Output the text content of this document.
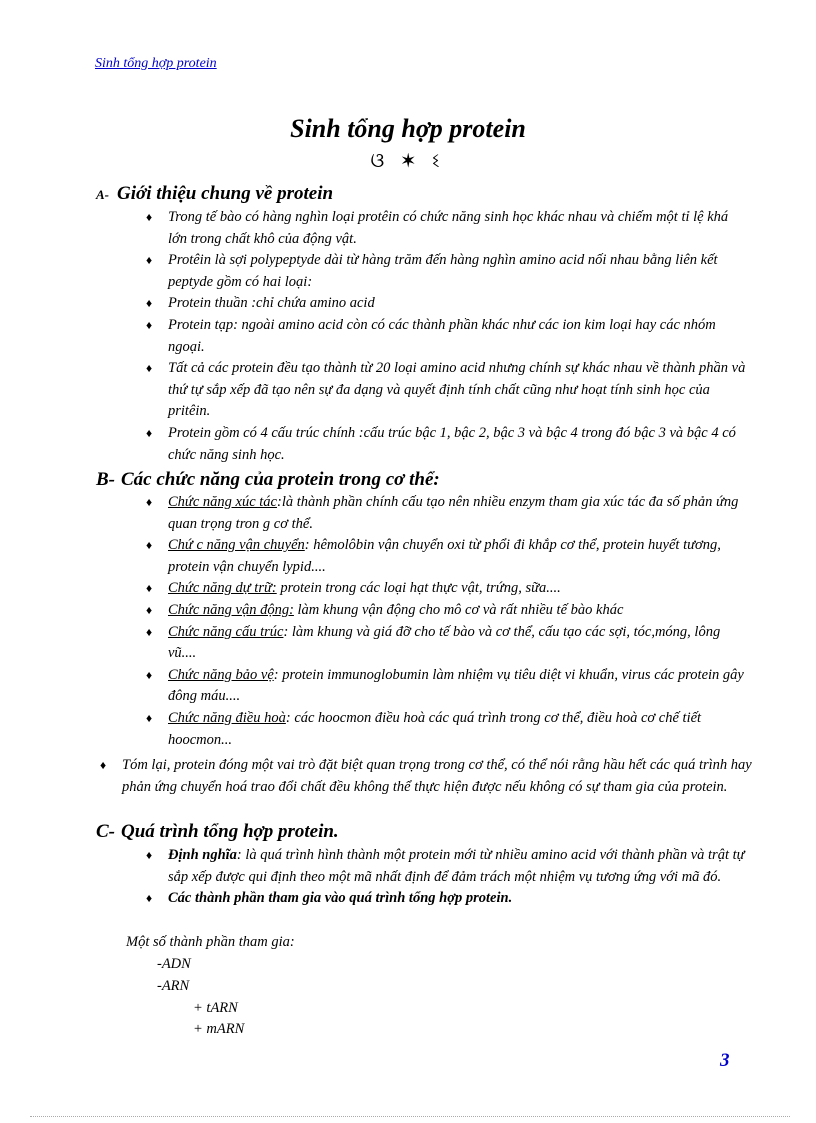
Sinh tổng hợp protein

Sinh tổng hợp protein

ଓ ✶ ଽ

A- Giới thiệu chung về protein
♦ Trong tế bào có hàng nghìn loại protêin có chức năng sinh học khác nhau và chiếm một tỉ lệ khá lớn trong chất khô của động vật.
♦ Protêin là sợi polypeptyde dài từ hàng trăm đến hàng nghìn amino acid nối nhau bằng liên kết peptyde gồm có hai loại:
♦ Protein thuần :chỉ chứa amino acid
♦ Protein tạp: ngoài amino acid còn có các thành phần khác như các ion kim loại hay các nhóm ngoại.
♦ Tất cả các protein đều tạo thành từ 20 loại amino acid nhưng chính sự khác nhau về thành phần và thứ tự sắp xếp đã tạo nên sự đa dạng và quyết định tính chất cũng như hoạt tính sinh học của pritêin.
♦ Protein gồm có 4 cấu trúc chính :cấu trúc bậc 1, bậc 2, bậc 3 và bậc 4 trong đó bậc 3 và bậc 4 có chức năng sinh học.
B- Các chức năng của protein trong cơ thể:
♦ Chức năng xúc tác:là thành phần chính cấu tạo nên nhiều enzym tham gia xúc tác đa số phản ứng quan trọng tron g cơ thể.
♦ Chứ c năng vận chuyển: hêmolôbin vận chuyển oxi từ phổi đi khắp cơ thể, protein huyết tương, protein vận chuyển lypid....
♦ Chức năng dự trữ: protein trong các loại hạt thực vật, trứng, sữa....
♦ Chức năng vận động: làm khung vận động cho mô cơ và rất nhiều tế bào khác
♦ Chức năng cấu trúc: làm khung và giá đỡ cho tế bào và cơ thể, cấu tạo các sợi, tóc,móng, lông vũ....
♦ Chức năng bảo vệ: protein immunoglobumin làm nhiệm vụ tiêu diệt vi khuẩn, virus các protein gây đông máu....
♦ Chức năng điều hoà: các hoocmon điều hoà các quá trình trong cơ thể, điều hoà cơ chế tiết hoocmon...

♦ Tóm lại, protein đóng một vai trò đặt biệt quan trọng trong cơ thể, có thể nói rằng hầu hết các quá trình hay phản ứng chuyển hoá trao đổi chất đều không thể thực hiện được nếu không có sự tham gia của protein.

C- Quá trình tổng hợp protein.
♦ Định nghĩa: là quá trình hình thành một protein mới từ nhiều amino acid với thành phần và trật tự sắp xếp được qui định theo một mã nhất định để đảm trách một nhiệm vụ tương ứng với mã đó.
♦ Các thành phần tham gia vào quá trình tổng hợp protein.

Một số thành phần tham gia:

-ADN

-ARN

+ tARN

+ mARN

3
